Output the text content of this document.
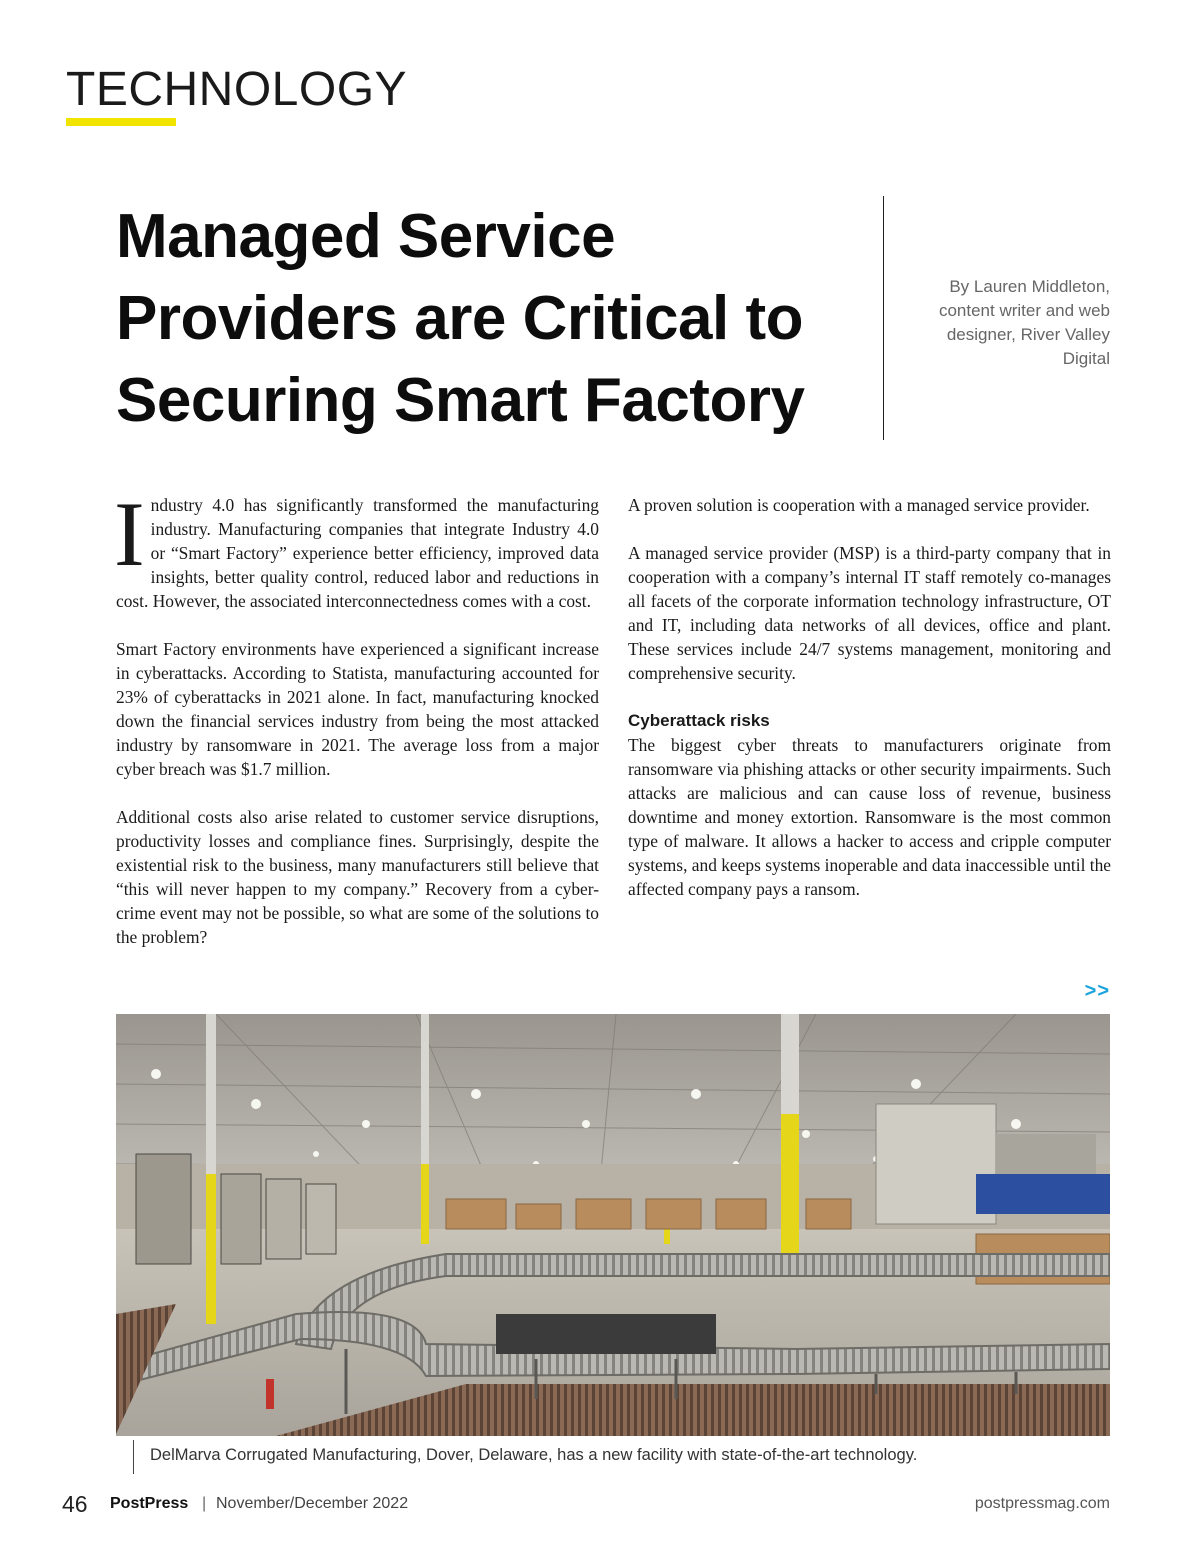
TECHNOLOGY
Managed Service Providers are Critical to Securing Smart Factory
By Lauren Middleton, content writer and web designer, River Valley Digital

Industry 4.0 has significantly transformed the manufacturing industry. Manufacturing companies that integrate Industry 4.0 or “Smart Factory” experience better efficiency, improved data insights, better quality control, reduced labor and reductions in cost. However, the associated interconnectedness comes with a cost.

Smart Factory environments have experienced a significant increase in cyberattacks. According to Statista, manufacturing accounted for 23% of cyberattacks in 2021 alone. In fact, manufacturing knocked down the financial services industry from being the most attacked industry by ransomware in 2021. The average loss from a major cyber breach was $1.7 million.

Additional costs also arise related to customer service disruptions, productivity losses and compliance fines. Surprisingly, despite the existential risk to the business, many manufacturers still believe that “this will never happen to my company.” Recovery from a cyber-crime event may not be possible, so what are some of the solutions to the problem?

A proven solution is cooperation with a managed service provider.

A managed service provider (MSP) is a third-party company that in cooperation with a company’s internal IT staff remotely co-manages all facets of the corporate information technology infrastructure, OT and IT, including data networks of all devices, office and plant. These services include 24/7 systems management, monitoring and comprehensive security.

Cyberattack risks

The biggest cyber threats to manufacturers originate from ransomware via phishing attacks or other security impairments. Such attacks are malicious and can cause loss of revenue, business downtime and money extortion. Ransomware is the most common type of malware. It allows a hacker to access and cripple computer systems, and keeps systems inoperable and data inaccessible until the affected company pays a ransom.

>>
DelMarva Corrugated Manufacturing, Dover, Delaware, has a new facility with state-of-the-art technology.
46 PostPress | November/December 2022	postpressmag.com
